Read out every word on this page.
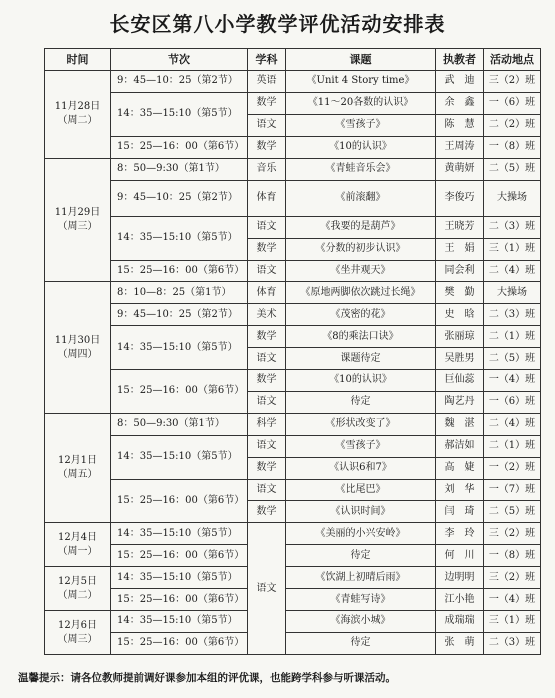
长安区第八小学教学评优活动安排表
时间	节次	学科	课题	执教者	活动地点

11月28日
（周二）	9：45—10：25（第2节）	英语	《Unit 4 Story time》	武　迪	三（2）班
	14：35—15:10（第5节）	数学	《11～20各数的认识》	余　鑫	一（6）班
		语文	《雪孩子》	陈　慧	二（2）班
	15：25—16：00（第6节）	数学	《10的认识》	王周涛	一（8）班

11月29日
（周三）	8：50—9:30（第1节）	音乐	《青蛙音乐会》	黄萌妍	二（5）班
	9：45—10：25（第2节）	体育	《前滚翻》	李俊巧	大操场
	14：35—15:10（第5节）	语文	《我要的是葫芦》	王晓芳	二（3）班
		数学	《分数的初步认识》	王　娟	三（1）班
	15：25—16：00（第6节）	语文	《坐井观天》	同会利	二（4）班

11月30日
（周四）	8：10—8：25（第1节）	体育	《原地两脚依次跳过长绳》	樊　勤	大操场
	9：45—10：25（第2节）	美术	《茂密的花》	史　晗	二（3）班
	14：35—15:10（第5节）	数学	《8的乘法口诀》	张丽琼	二（1）班
		语文	课题待定	吴胜男	二（5）班
	15：25—16：00（第6节）	数学	《10的认识》	巨仙蕊	一（4）班
		语文	待定	陶艺丹	一（6）班

12月1日
（周五）	8：50—9:30（第1节）	科学	《形状改变了》	魏　湛	二（4）班
	14：35—15:10（第5节）	语文	《雪孩子》	郝洁如	二（1）班
		数学	《认识6和7》	高　婕	一（2）班
	15：25—16：00（第6节）	语文	《比尾巴》	刘　华	一（7）班
		数学	《认识时间》	闫　琦	二（5）班

12月4日
（周一）	14：35—15:10（第5节）	语文	《美丽的小兴安岭》	李　玲	三（2）班
	15：25—16：00（第6节）		待定	何　川	一（8）班

12月5日
（周二）	14：35—15:10（第5节）		《饮湖上初晴后雨》	边明明	三（2）班
	15：25—16：00（第6节）		《青蛙写诗》	江小艳	一（4）班

12月6日
（周三）	14：35—15:10（第5节）		《海滨小城》	成瑞瑞	三（1）班
	15：25—16：00（第6节）		待定	张　萌	二（3）班
温馨提示：请各位教师提前调好课参加本组的评优课，也能跨学科参与听课活动。
